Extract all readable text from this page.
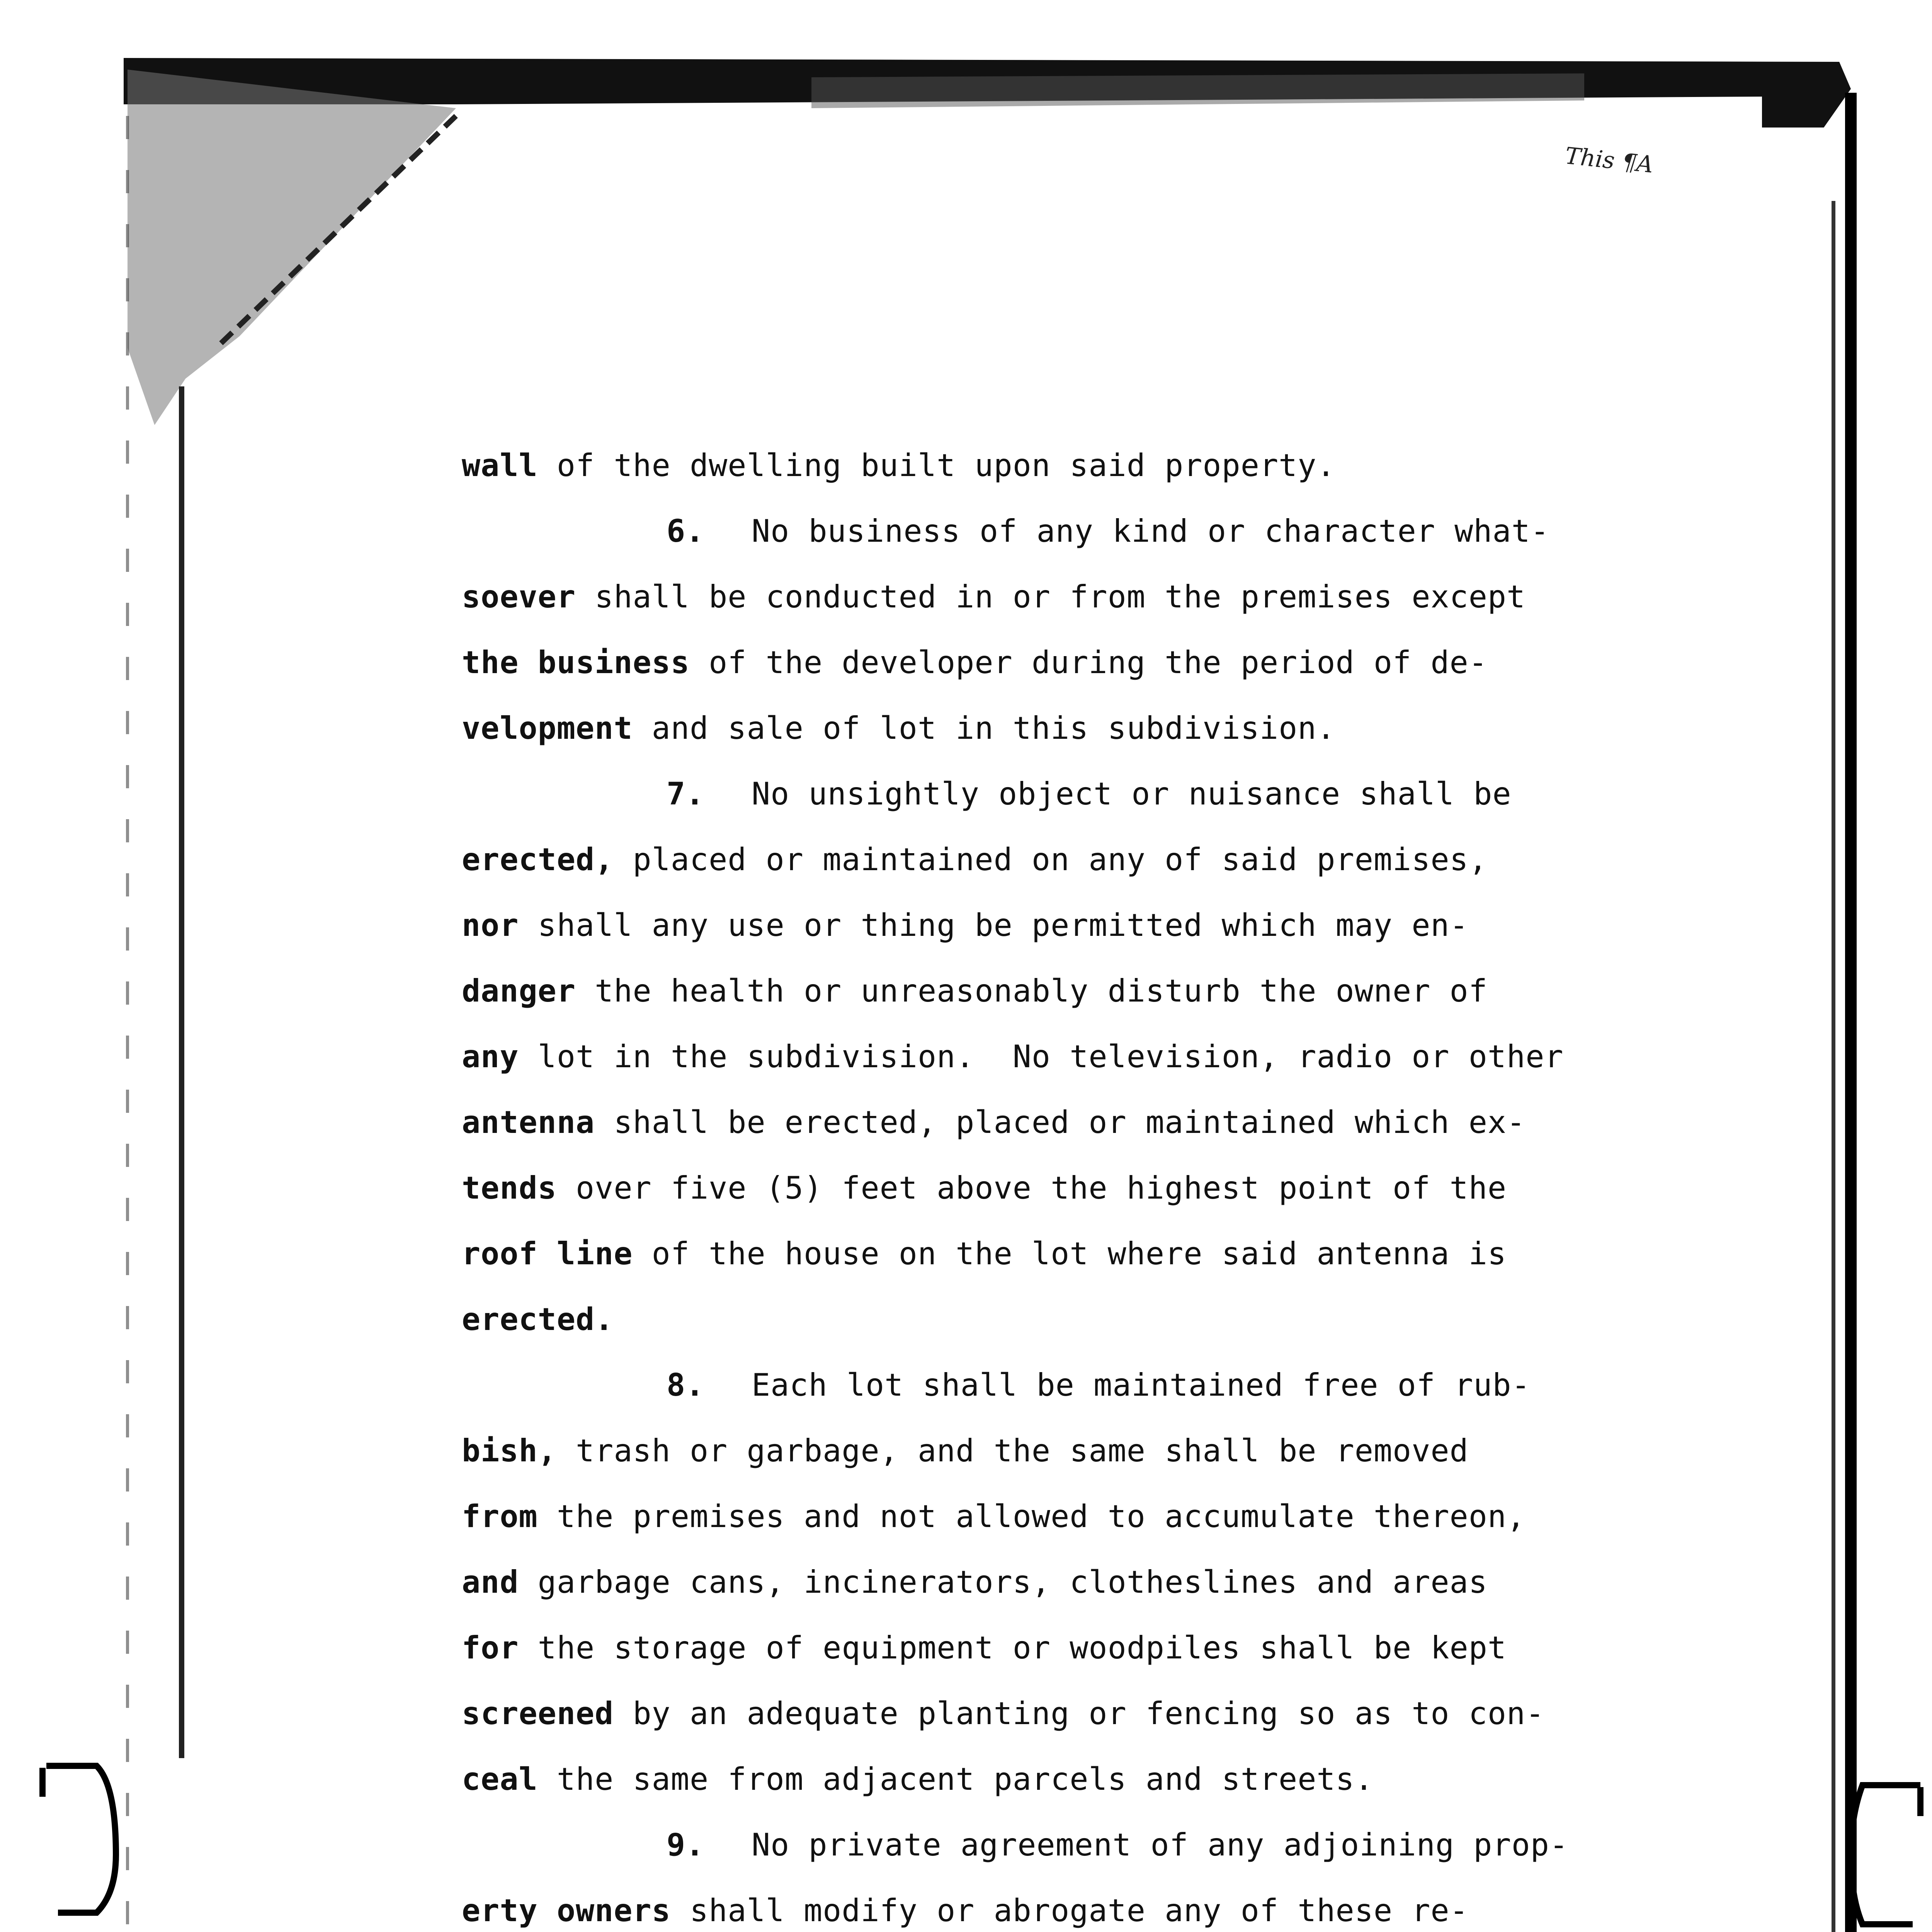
This ¶A
wall of the dwelling built upon said property.
6. No business of any kind or character what-
soever shall be conducted in or from the premises except
the business of the developer during the period of de-
velopment and sale of lot in this subdivision.
7. No unsightly object or nuisance shall be
erected, placed or maintained on any of said premises,
nor shall any use or thing be permitted which may en-
danger the health or unreasonably disturb the owner of
any lot in the subdivision.  No television, radio or other
antenna shall be erected, placed or maintained which ex-
tends over five (5) feet above the highest point of the
roof line of the house on the lot where said antenna is
erected.
8. Each lot shall be maintained free of rub-
bish, trash or garbage, and the same shall be removed
from the premises and not allowed to accumulate thereon,
and garbage cans, incinerators, clotheslines and areas
for the storage of equipment or woodpiles shall be kept
screened by an adequate planting or fencing so as to con-
ceal the same from adjacent parcels and streets.
9. No private agreement of any adjoining prop-
erty owners shall modify or abrogate any of these re-
